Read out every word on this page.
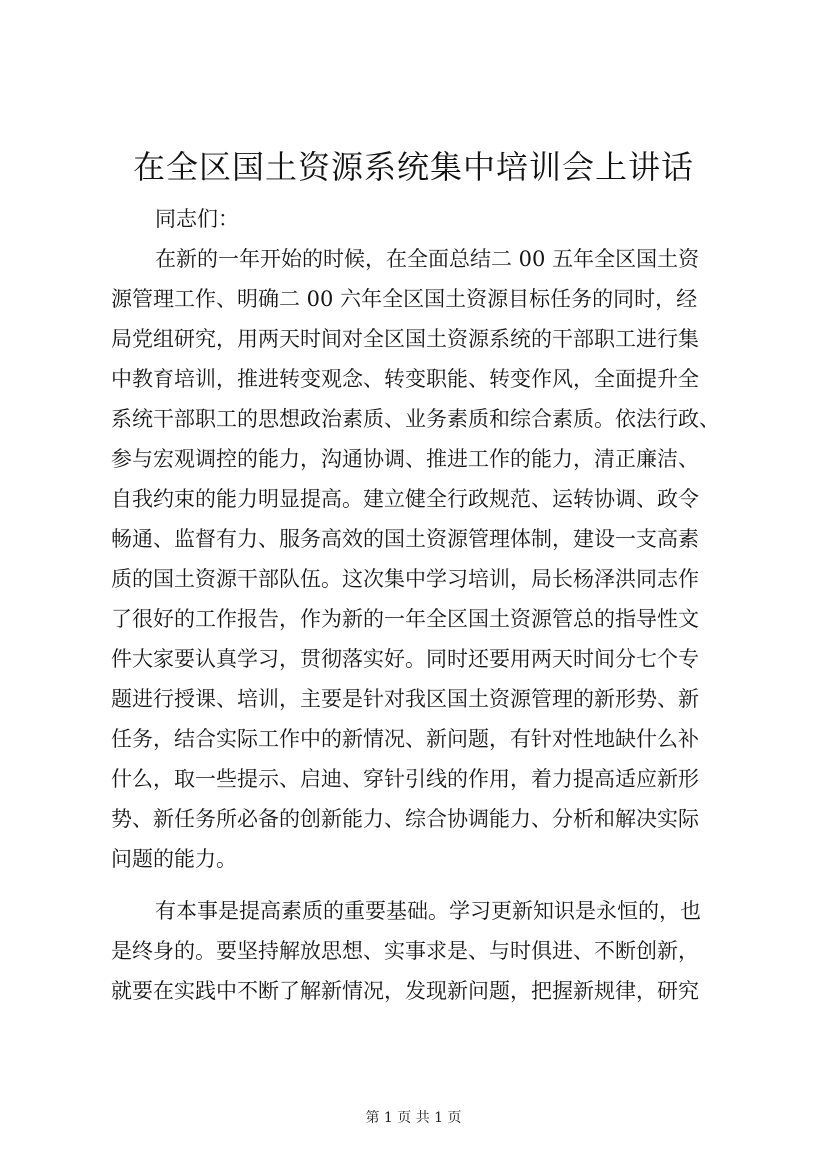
在全区国土资源系统集中培训会上讲话
同志们：
在新的一年开始的时候，在全面总结二 00 五年全区国土资
源管理工作、明确二 00 六年全区国土资源目标任务的同时，经
局党组研究，用两天时间对全区国土资源系统的干部职工进行集
中教育培训，推进转变观念、转变职能、转变作风，全面提升全
系统干部职工的思想政治素质、业务素质和综合素质。依法行政、
参与宏观调控的能力，沟通协调、推进工作的能力，清正廉洁、
自我约束的能力明显提高。建立健全行政规范、运转协调、政令
畅通、监督有力、服务高效的国土资源管理体制，建设一支高素
质的国土资源干部队伍。这次集中学习培训，局长杨泽洪同志作
了很好的工作报告，作为新的一年全区国土资源管总的指导性文
件大家要认真学习，贯彻落实好。同时还要用两天时间分七个专
题进行授课、培训，主要是针对我区国土资源管理的新形势、新
任务，结合实际工作中的新情况、新问题，有针对性地缺什么补
什么，取一些提示、启迪、穿针引线的作用，着力提高适应新形
势、新任务所必备的创新能力、综合协调能力、分析和解决实际
问题的能力。
有本事是提高素质的重要基础。学习更新知识是永恒的，也
是终身的。要坚持解放思想、实事求是、与时俱进、不断创新，
就要在实践中不断了解新情况，发现新问题，把握新规律，研究
第 1 页 共 1 页
